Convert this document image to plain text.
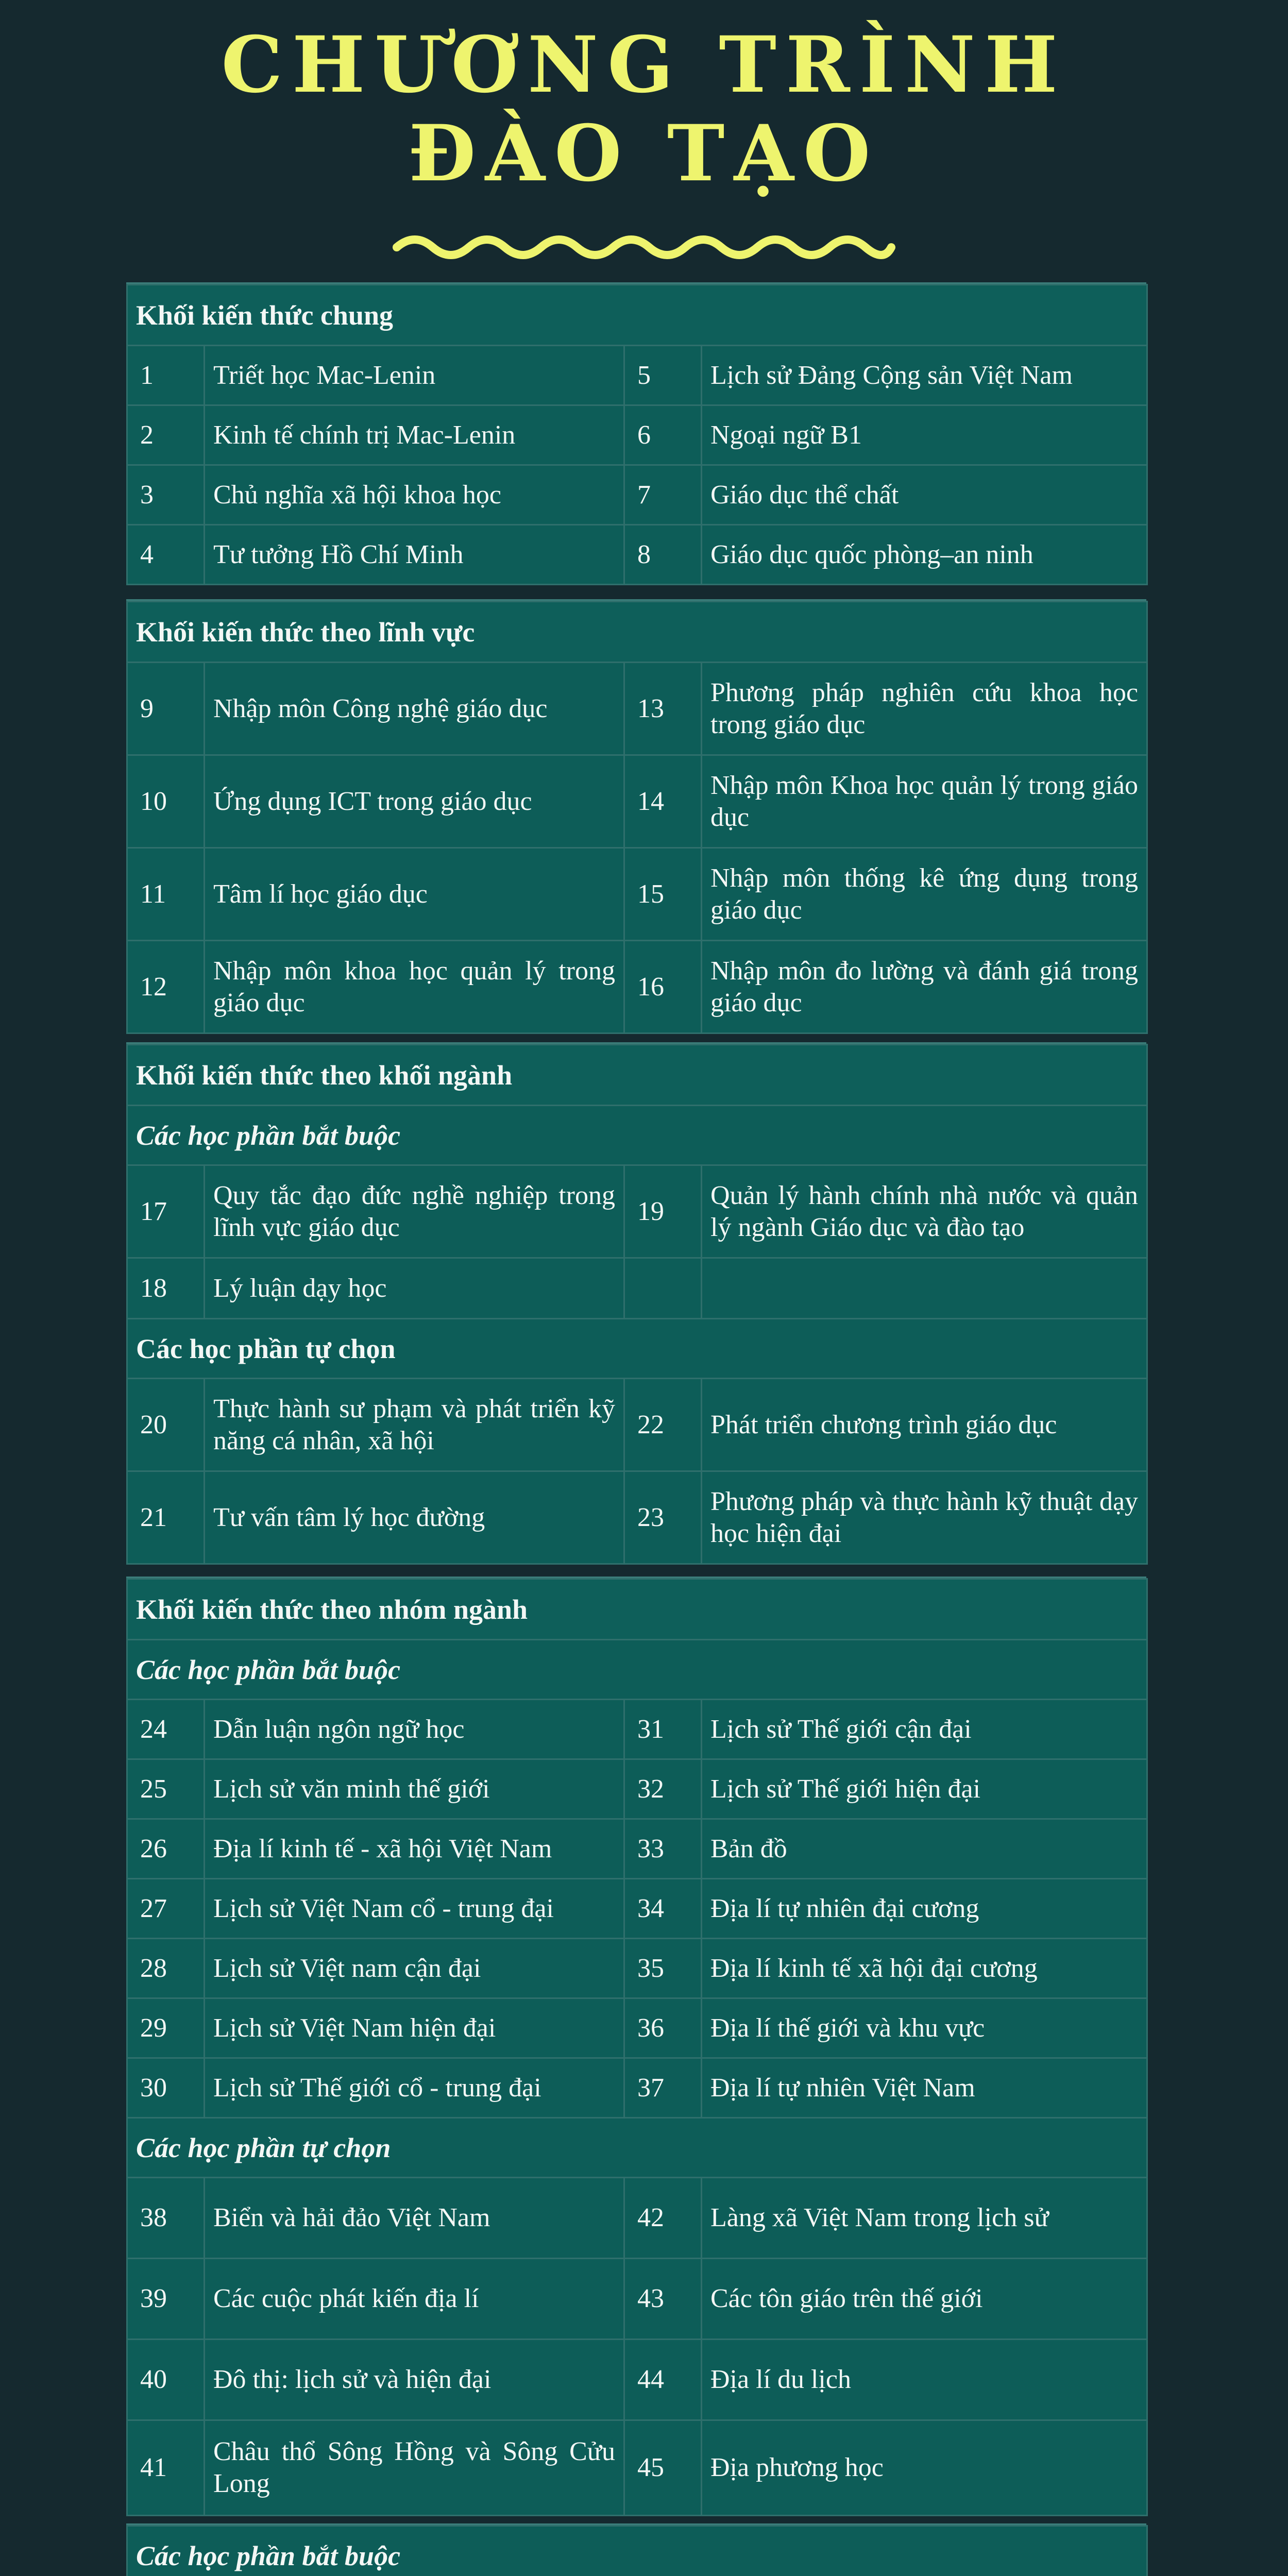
CHƯƠNG TRÌNH
ĐÀO TẠO
Khối kiến thức chung			
1	Triết học Mac-Lenin	5	Lịch sử Đảng Cộng sản Việt Nam
2	Kinh tế chính trị Mac-Lenin	6	Ngoại ngữ B1
3	Chủ nghĩa xã hội khoa học	7	Giáo dục thể chất
4	Tư tưởng Hồ Chí Minh	8	Giáo dục quốc phòng–an ninh
Khối kiến thức theo lĩnh vực			
9	Nhập môn Công nghệ giáo dục	13	Phương pháp nghiên cứu khoa học trong giáo dục
10	Ứng dụng ICT trong giáo dục	14	Nhập môn Khoa học quản lý trong giáo dục
11	Tâm lí học giáo dục	15	Nhập môn thống kê ứng dụng trong giáo dục
12	Nhập môn khoa học quản lý trong giáo dục	16	Nhập môn đo lường và đánh giá trong giáo dục
Khối kiến thức theo khối ngành			
Các học phần bắt buộc			
17	Quy tắc đạo đức nghề nghiệp trong lĩnh vực giáo dục	19	Quản lý hành chính nhà nước và quản lý ngành Giáo dục và đào tạo
18	Lý luận dạy học		
Các học phần tự chọn			
20	Thực hành sư phạm và phát triển kỹ năng cá nhân, xã hội	22	Phát triển chương trình giáo dục
21	Tư vấn tâm lý học đường	23	Phương pháp và thực hành kỹ thuật dạy học hiện đại
Khối kiến thức theo nhóm ngành			
Các học phần bắt buộc			
24	Dẫn luận ngôn ngữ học	31	Lịch sử Thế giới cận đại
25	Lịch sử văn minh thế giới	32	Lịch sử Thế giới hiện đại
26	Địa lí kinh tế - xã hội Việt Nam	33	Bản đồ
27	Lịch sử Việt Nam cổ - trung đại	34	Địa lí tự nhiên đại cương
28	Lịch sử Việt nam cận đại	35	Địa lí kinh tế xã hội đại cương
29	Lịch sử Việt Nam hiện đại	36	Địa lí thế giới và khu vực
30	Lịch sử Thế giới cổ - trung đại	37	Địa lí tự nhiên Việt Nam
Các học phần tự chọn			
38	Biển và hải đảo Việt Nam	42	Làng xã Việt Nam trong lịch sử
39	Các cuộc phát kiến địa lí	43	Các tôn giáo trên thế giới
40	Đô thị: lịch sử và hiện đại	44	Địa lí du lịch
41	Châu thổ Sông Hồng và Sông Cửu Long	45	Địa phương học
Các học phần bắt buộc			
